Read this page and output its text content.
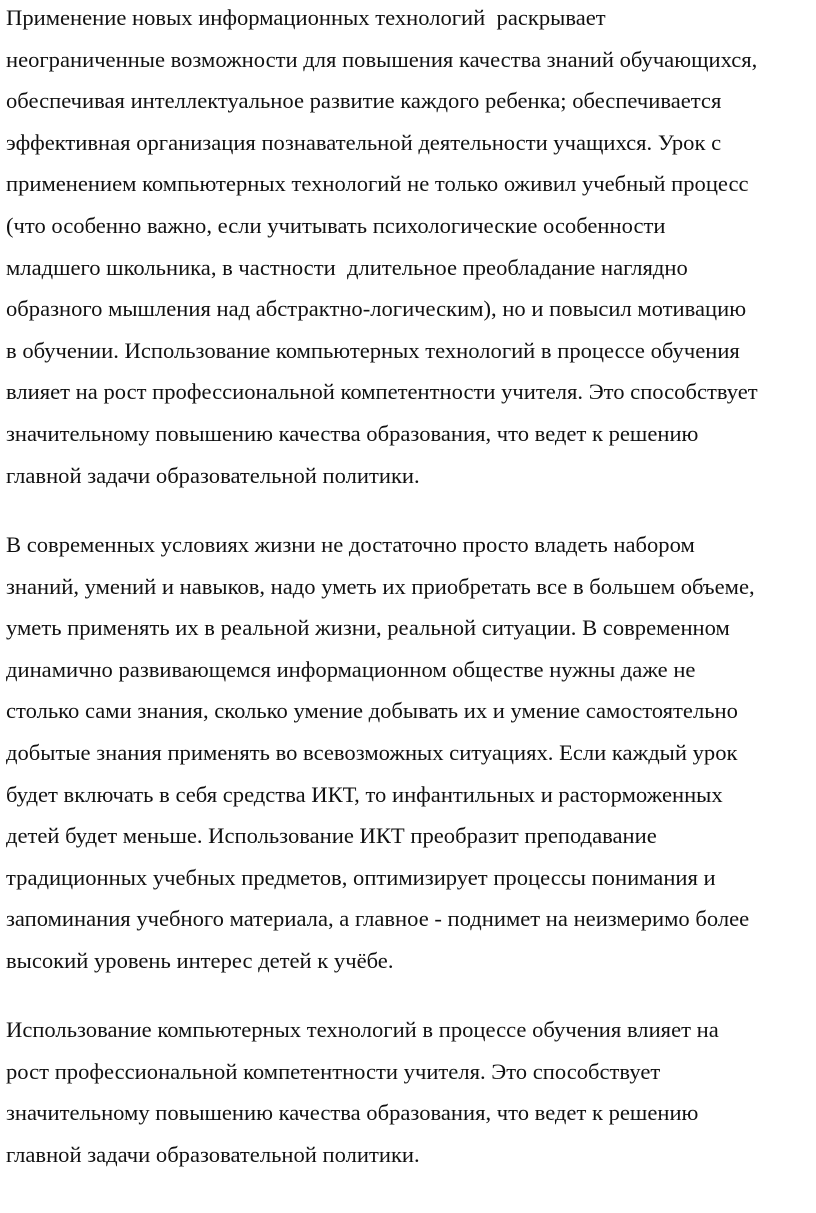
Применение новых информационных технологий  раскрывает
неограниченные возможности для повышения качества знаний обучающихся,
обеспечивая интеллектуальное развитие каждого ребенка; обеспечивается
эффективная организация познавательной деятельности учащихся. Урок с
применением компьютерных технологий не только оживил учебный процесс
(что особенно важно, если учитывать психологические особенности
младшего школьника, в частности  длительное преобладание наглядно
образного мышления над абстрактно-логическим), но и повысил мотивацию
в обучении. Использование компьютерных технологий в процессе обучения
влияет на рост профессиональной компетентности учителя. Это способствует
значительному повышению качества образования, что ведет к решению
главной задачи образовательной политики.
В современных условиях жизни не достаточно просто владеть набором
знаний, умений и навыков, надо уметь их приобретать все в большем объеме,
уметь применять их в реальной жизни, реальной ситуации. В современном
динамично развивающемся информационном обществе нужны даже не
столько сами знания, сколько умение добывать их и умение самостоятельно
добытые знания применять во всевозможных ситуациях. Если каждый урок
будет включать в себя средства ИКТ, то инфантильных и расторможенных
детей будет меньше. Использование ИКТ преобразит преподавание
традиционных учебных предметов, оптимизирует процессы понимания и
запоминания учебного материала, а главное - поднимет на неизмеримо более
высокий уровень интерес детей к учёбе.
Использование компьютерных технологий в процессе обучения влияет на
рост профессиональной компетентности учителя. Это способствует
значительному повышению качества образования, что ведет к решению
главной задачи образовательной политики.
